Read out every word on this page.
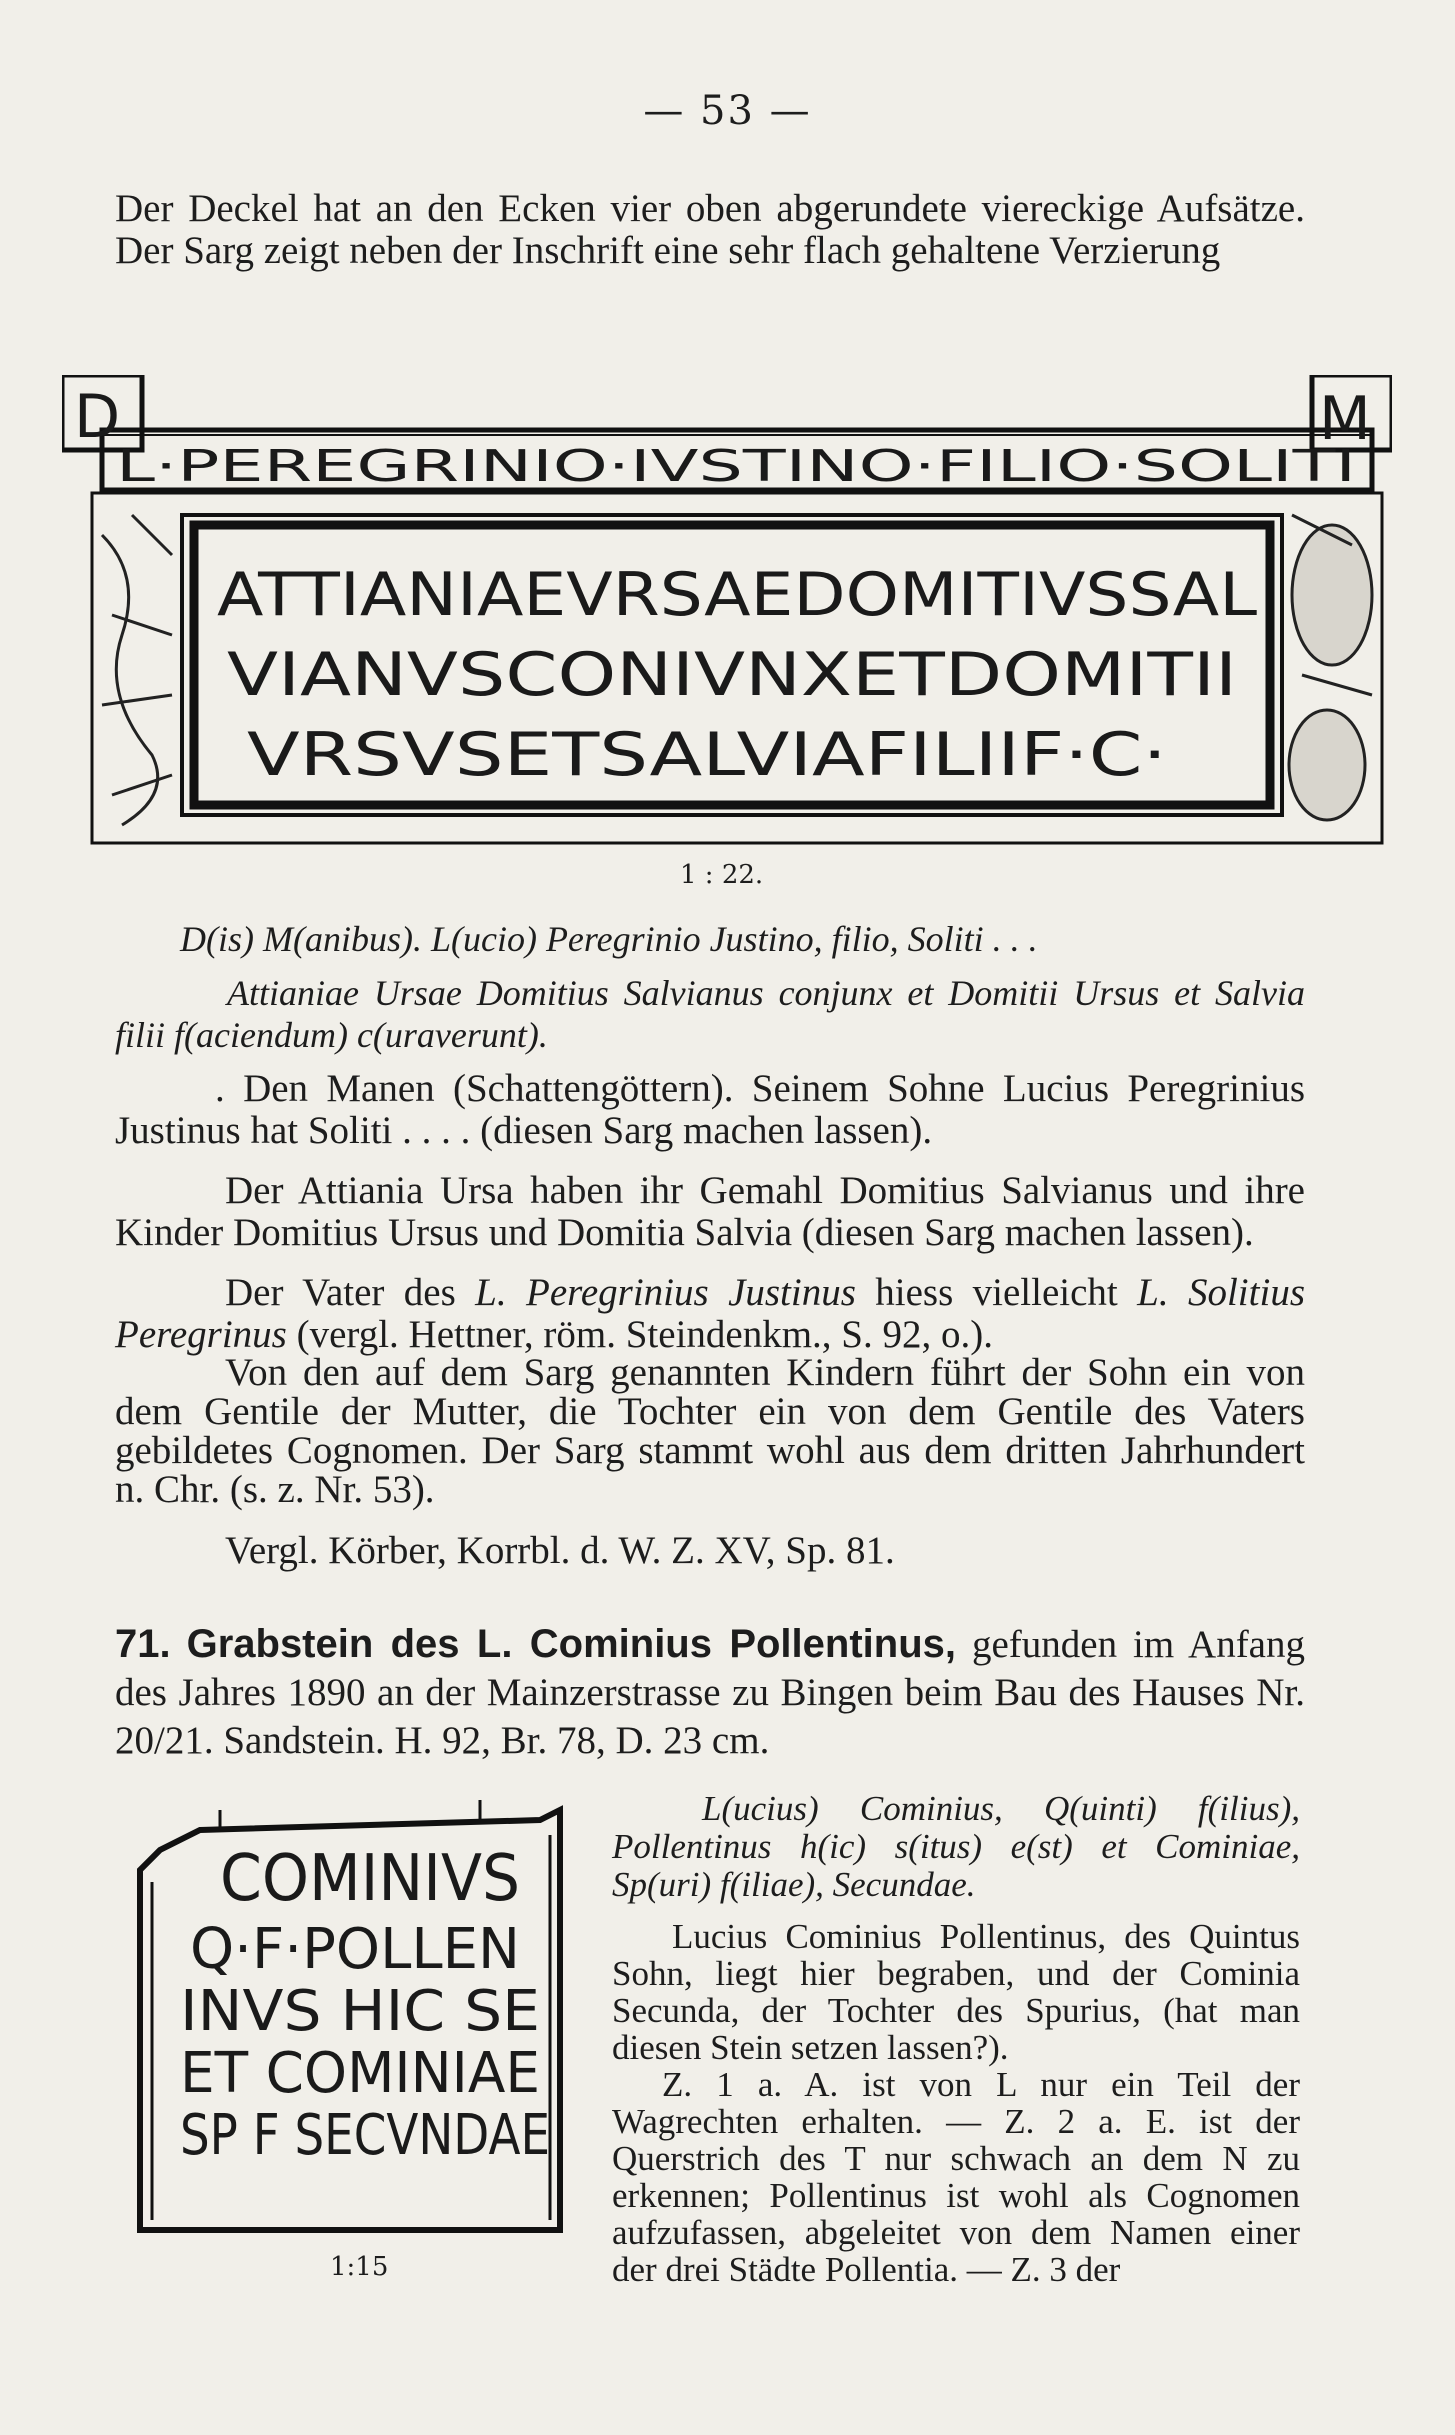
— 53 —
Der Deckel hat an den Ecken vier oben abgerundete viereckige Aufsätze. Der Sarg zeigt neben der Inschrift eine sehr flach gehaltene Verzierung
D	M
L·PEREGRINIO·IVSTINO·FILIO·SOLITI
ATTIANIAEVRSAEDOMITIVSSAL
VIANVSCONIVNXETDOMITII
VRSVSETSALVIAFILIIF·C·
1 : 22.
D(is) M(anibus). L(ucio) Peregrinio Justino, filio, Soliti . . .
Attianiae Ursae Domitius Salvianus conjunx et Domitii Ursus et Salvia filii f(aciendum) c(uraverunt).
. Den Manen (Schattengöttern). Seinem Sohne Lucius Peregrinius Justinus hat Soliti . . . . (diesen Sarg machen lassen).
Der Attiania Ursa haben ihr Gemahl Domitius Salvianus und ihre Kinder Domitius Ursus und Domitia Salvia (diesen Sarg machen lassen).
Der Vater des L. Peregrinius Justinus hiess vielleicht L. Solitius Peregrinus (vergl. Hettner, röm. Steindenkm., S. 92, o.).
Von den auf dem Sarg genannten Kindern führt der Sohn ein von dem Gentile der Mutter, die Tochter ein von dem Gentile des Vaters gebildetes Cognomen. Der Sarg stammt wohl aus dem dritten Jahrhundert n. Chr. (s. z. Nr. 53).
Vergl. Körber, Korrbl. d. W. Z. XV, Sp. 81.
71. Grabstein des L. Cominius Pollentinus, gefunden im Anfang des Jahres 1890 an der Mainzerstrasse zu Bingen beim Bau des Hauses Nr. 20/21. Sandstein. H. 92, Br. 78, D. 23 cm.
COMINIVS
Q·F·POLLEN
INVS HIC SE
ET COMINIAE
SP F SECVNDAE
1:15
L(ucius) Cominius, Q(uinti) f(ilius), Pollentinus h(ic) s(itus) e(st) et Cominiae, Sp(uri) f(iliae), Secundae.
Lucius Cominius Pollentinus, des Quintus Sohn, liegt hier begraben, und der Cominia Secunda, der Tochter des Spurius, (hat man diesen Stein setzen lassen?).
Z. 1 a. A. ist von L nur ein Teil der Wagrechten erhalten. — Z. 2 a. E. ist der Querstrich des T nur schwach an dem N zu erkennen; Pollentinus ist wohl als Cognomen aufzufassen, abgeleitet von dem Namen einer der drei Städte Pollentia. — Z. 3 der
